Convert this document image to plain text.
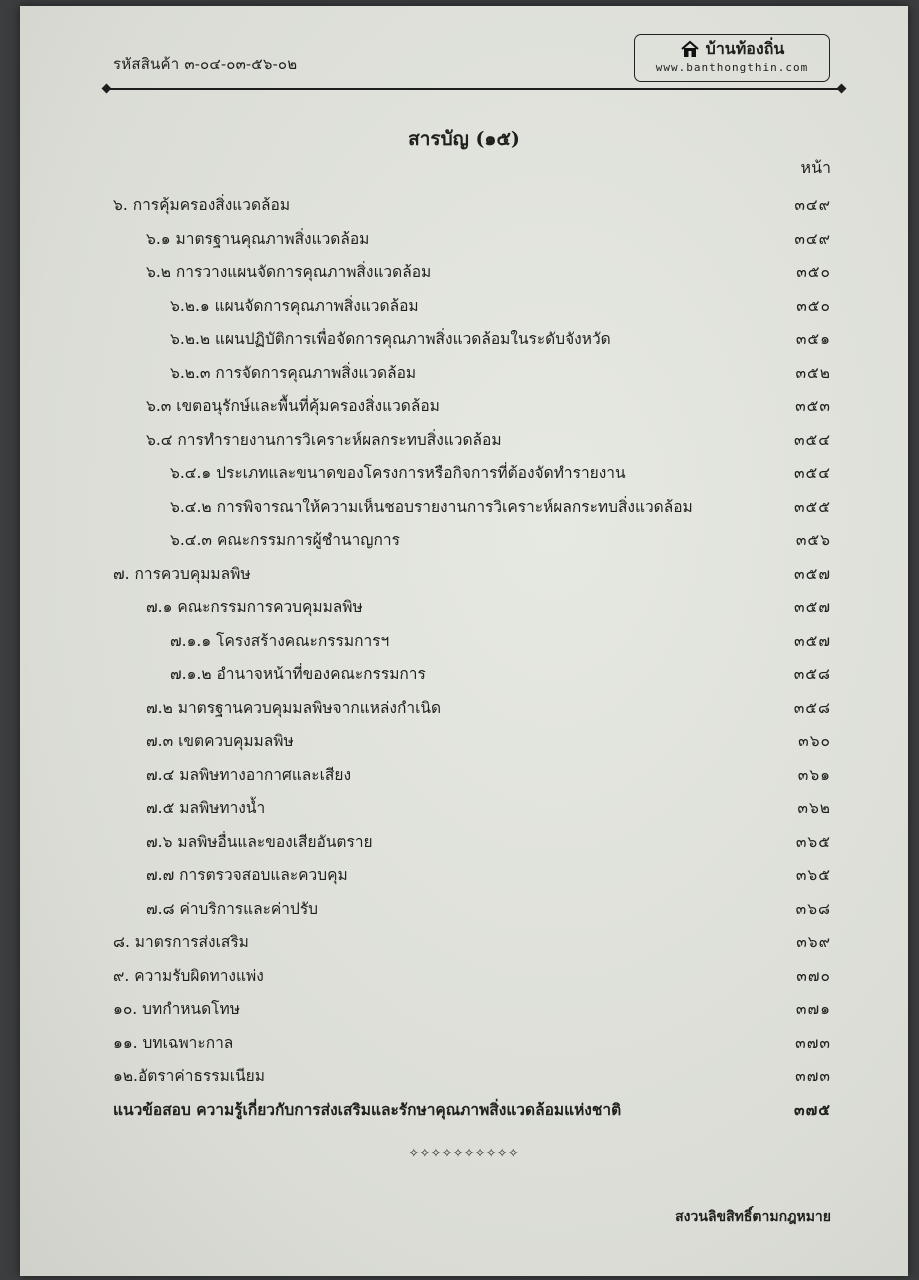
รหัสสินค้า ๓-๐๔-๐๓-๕๖-๐๒
บ้านท้องถิ่น
www.banthongthin.com
สารบัญ (๑๕)
หน้า
๖. การคุ้มครองสิ่งแวดล้อม	๓๔๙
๖.๑ มาตรฐานคุณภาพสิ่งแวดล้อม	๓๔๙
๖.๒ การวางแผนจัดการคุณภาพสิ่งแวดล้อม	๓๕๐
๖.๒.๑ แผนจัดการคุณภาพสิ่งแวดล้อม	๓๕๐
๖.๒.๒ แผนปฏิบัติการเพื่อจัดการคุณภาพสิ่งแวดล้อมในระดับจังหวัด	๓๕๑
๖.๒.๓ การจัดการคุณภาพสิ่งแวดล้อม	๓๕๒
๖.๓ เขตอนุรักษ์และพื้นที่คุ้มครองสิ่งแวดล้อม	๓๕๓
๖.๔ การทำรายงานการวิเคราะห์ผลกระทบสิ่งแวดล้อม	๓๕๔
๖.๔.๑ ประเภทและขนาดของโครงการหรือกิจการที่ต้องจัดทำรายงาน	๓๕๔
๖.๔.๒ การพิจารณาให้ความเห็นชอบรายงานการวิเคราะห์ผลกระทบสิ่งแวดล้อม	๓๕๕
๖.๔.๓ คณะกรรมการผู้ชำนาญการ	๓๕๖
๗. การควบคุมมลพิษ	๓๕๗
๗.๑ คณะกรรมการควบคุมมลพิษ	๓๕๗
๗.๑.๑ โครงสร้างคณะกรรมการฯ	๓๕๗
๗.๑.๒ อำนาจหน้าที่ของคณะกรรมการ	๓๕๘
๗.๒ มาตรฐานควบคุมมลพิษจากแหล่งกำเนิด	๓๕๘
๗.๓ เขตควบคุมมลพิษ	๓๖๐
๗.๔ มลพิษทางอากาศและเสียง	๓๖๑
๗.๕ มลพิษทางน้ำ	๓๖๒
๗.๖ มลพิษอื่นและของเสียอันตราย	๓๖๕
๗.๗ การตรวจสอบและควบคุม	๓๖๕
๗.๘ ค่าบริการและค่าปรับ	๓๖๘
๘. มาตรการส่งเสริม	๓๖๙
๙. ความรับผิดทางแพ่ง	๓๗๐
๑๐. บทกำหนดโทษ	๓๗๑
๑๑. บทเฉพาะกาล	๓๗๓
๑๒.อัตราค่าธรรมเนียม	๓๗๓
แนวข้อสอบ ความรู้เกี่ยวกับการส่งเสริมและรักษาคุณภาพสิ่งแวดล้อมแห่งชาติ	๓๗๕
✧✧✧✧✧✧✧✧✧✧
สงวนลิขสิทธิ์ตามกฎหมาย
